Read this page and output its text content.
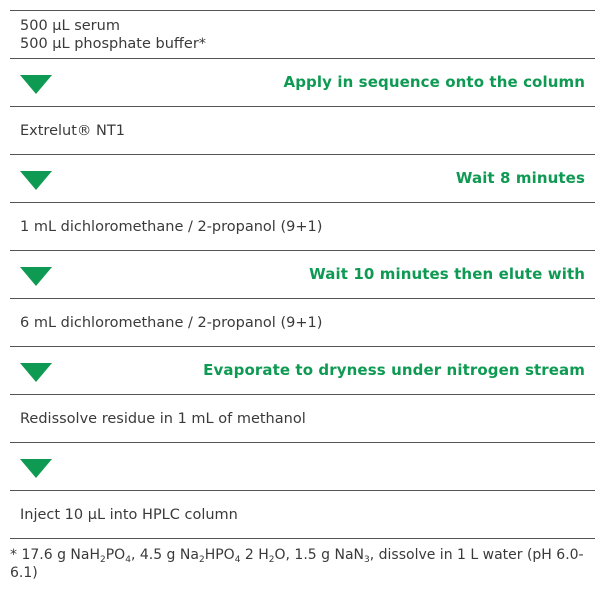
500 µL serum
500 µL phosphate buffer*
Apply in sequence onto the column
Extrelut® NT1
Wait 8 minutes
1 mL dichloromethane / 2-propanol (9+1)
Wait 10 minutes then elute with
6 mL dichloromethane / 2-propanol (9+1)
Evaporate to dryness under nitrogen stream
Redissolve residue in 1 mL of methanol
Inject 10 µL into HPLC column
* 17.6 g $NaH_2PO_4$, 4.5 g $Na_2HPO_4$ 2 $H_2O$, 1.5 g NaN$_3$, dissolve in 1 L water (pH 6.0-6.1)
